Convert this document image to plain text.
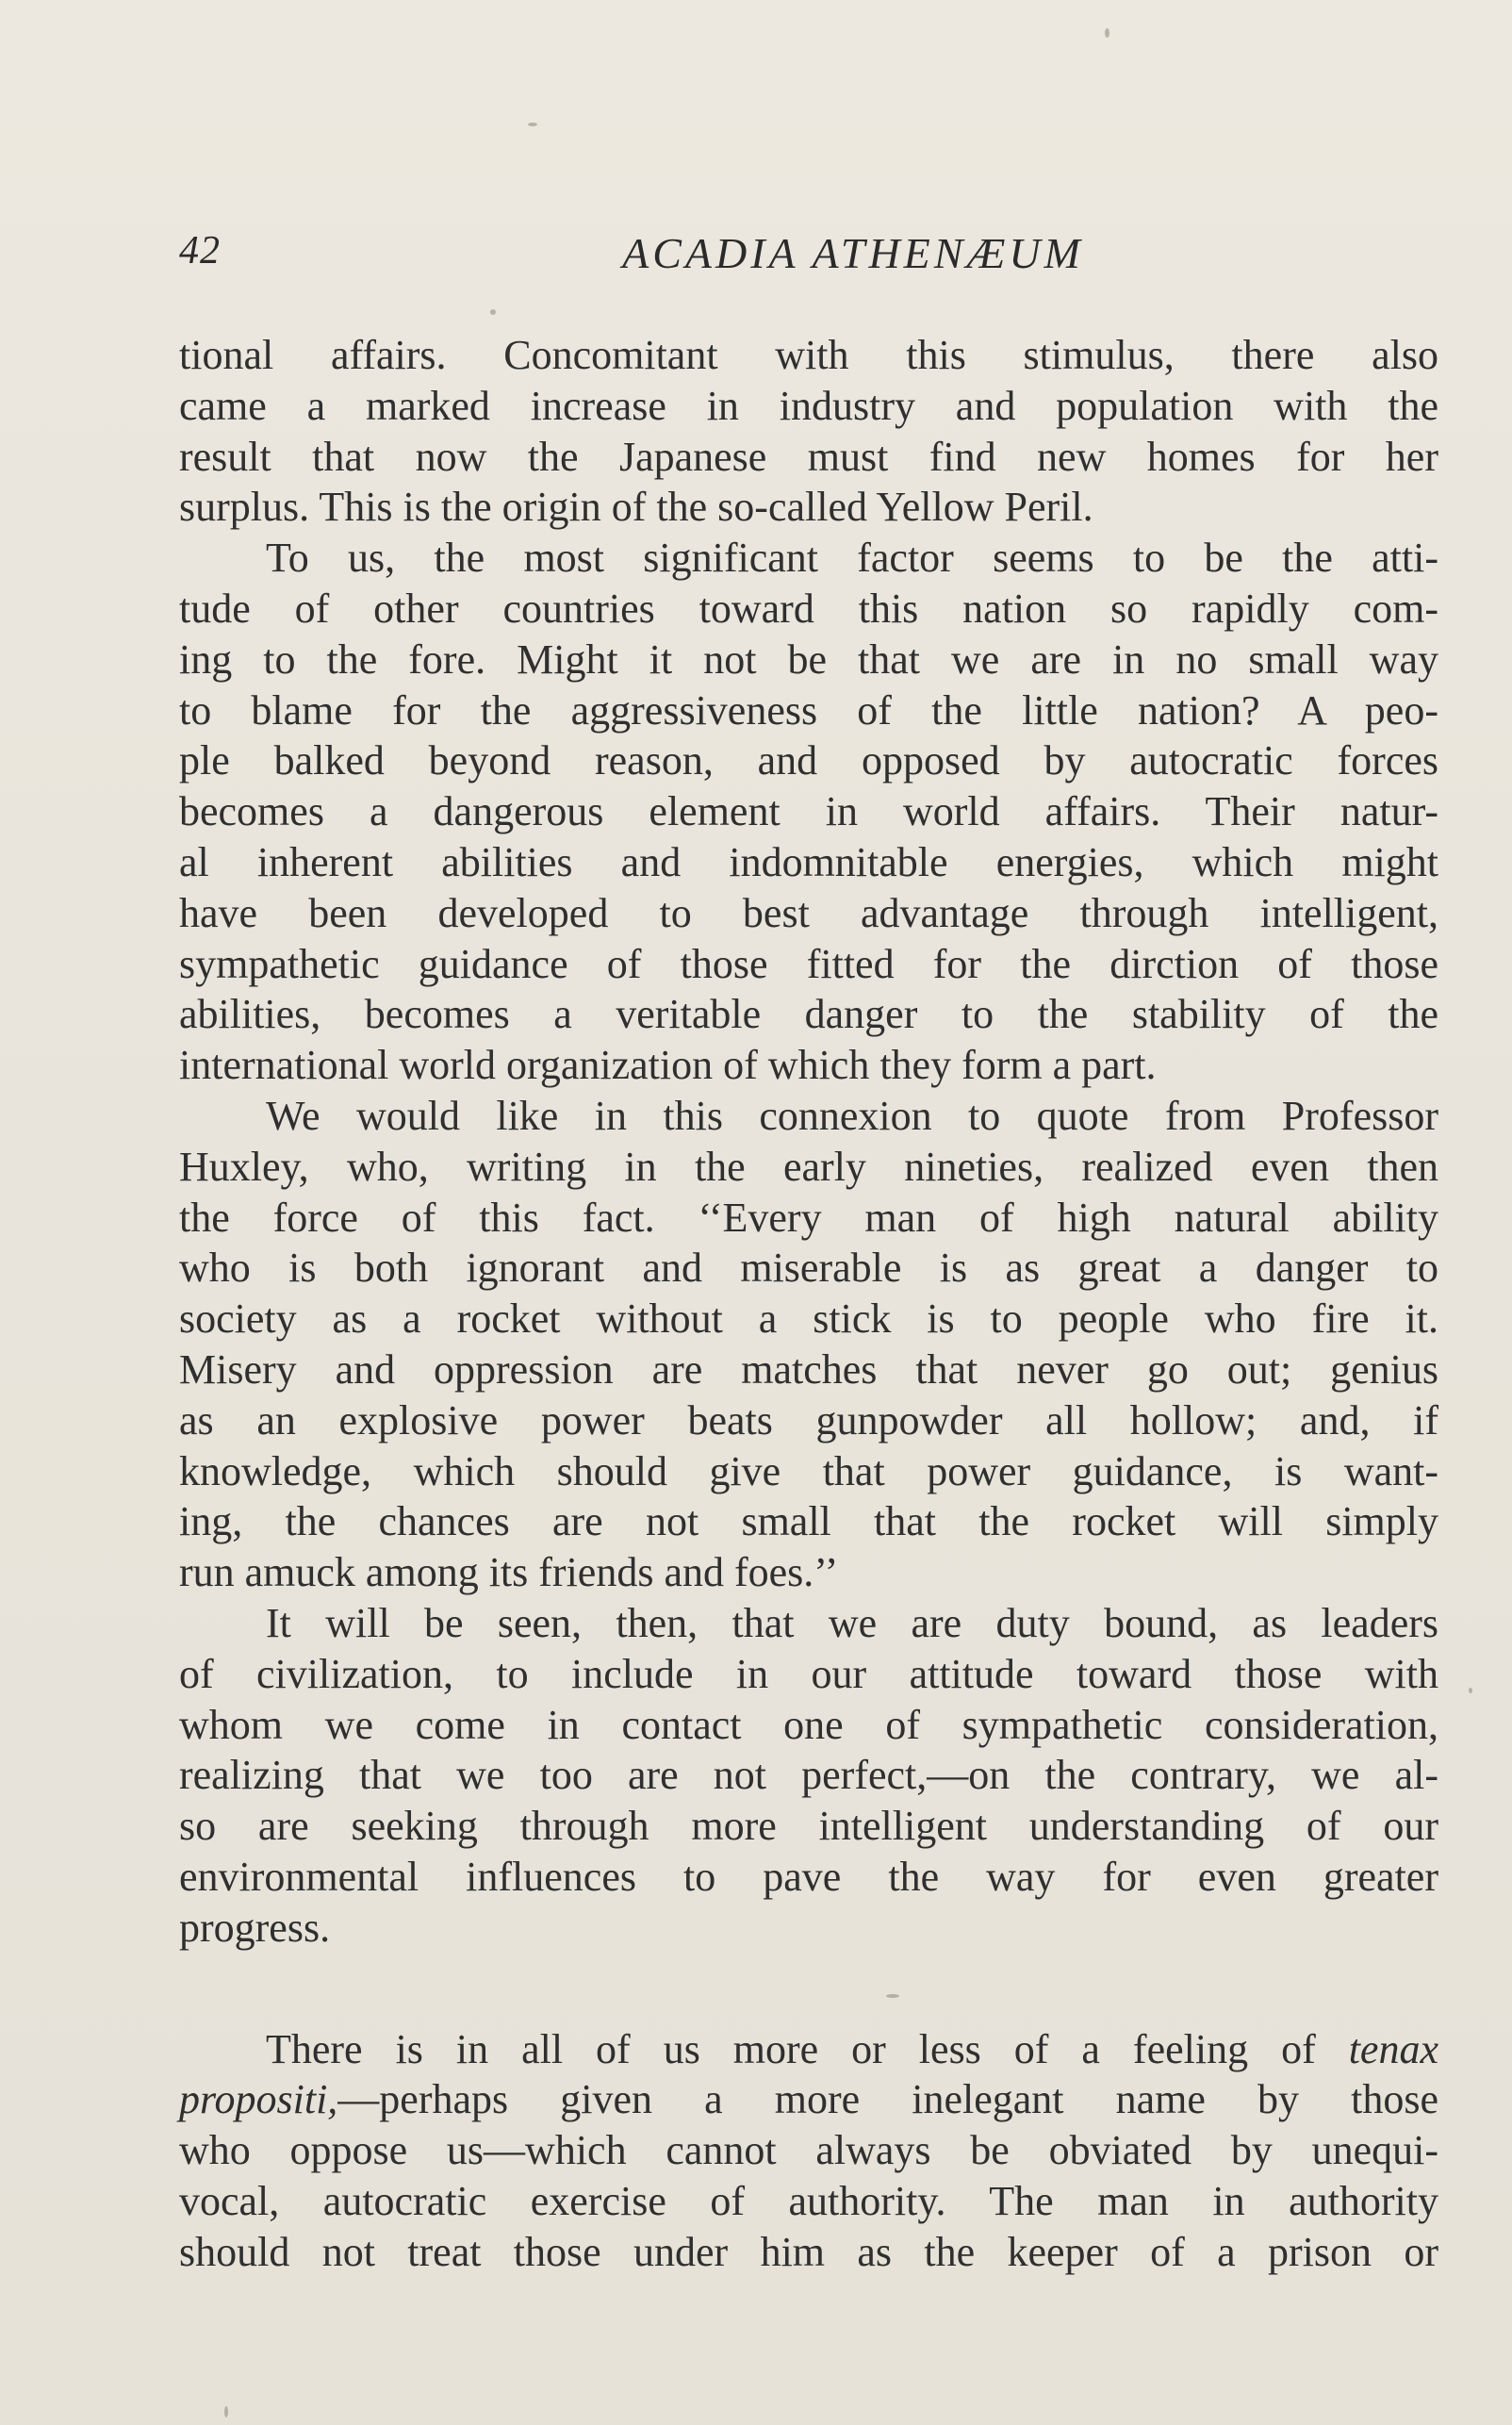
42	ACADIA ATHENÆUM
tional affairs. Concomitant with this stimulus, there also
came a marked increase in industry and population with the
result that now the Japanese must find new homes for her
surplus. This is the origin of the so-called Yellow Peril.
To us, the most significant factor seems to be the atti-
tude of other countries toward this nation so rapidly com-
ing to the fore. Might it not be that we are in no small way
to blame for the aggressiveness of the little nation? A peo-
ple balked beyond reason, and opposed by autocratic forces
becomes a dangerous element in world affairs. Their natur-
al inherent abilities and indomnitable energies, which might
have been developed to best advantage through intelligent,
sympathetic guidance of those fitted for the dirction of those
abilities, becomes a veritable danger to the stability of the
international world organization of which they form a part.
We would like in this connexion to quote from Professor
Huxley, who, writing in the early nineties, realized even then
the force of this fact. ‘‘Every man of high natural ability
who is both ignorant and miserable is as great a danger to
society as a rocket without a stick is to people who fire it.
Misery and oppression are matches that never go out; genius
as an explosive power beats gunpowder all hollow; and, if
knowledge, which should give that power guidance, is want-
ing, the chances are not small that the rocket will simply
run amuck among its friends and foes.’’
It will be seen, then, that we are duty bound, as leaders
of civilization, to include in our attitude toward those with
whom we come in contact one of sympathetic consideration,
realizing that we too are not perfect,—on the contrary, we al-
so are seeking through more intelligent understanding of our
environmental influences to pave the way for even greater
progress.
There is in all of us more or less of a feeling of tenax
propositi,—perhaps given a more inelegant name by those
who oppose us—which cannot always be obviated by unequi-
vocal, autocratic exercise of authority. The man in authority
should not treat those under him as the keeper of a prison or
